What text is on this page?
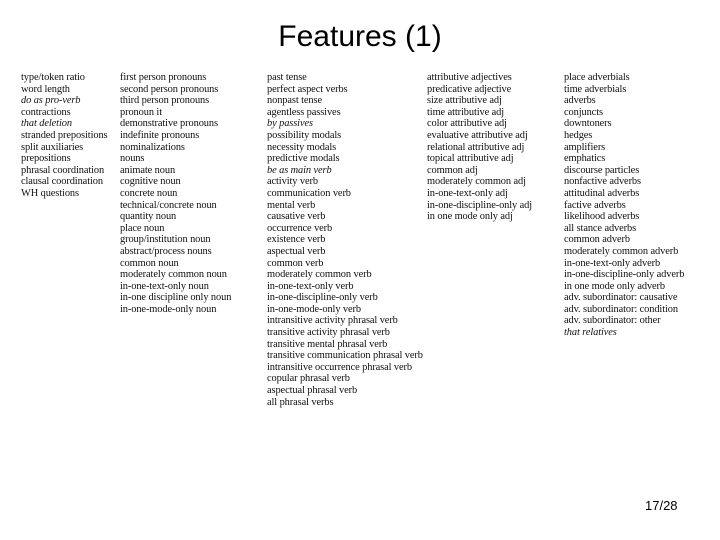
Features (1)
type/token ratio
word length
do as pro-verb
contractions
that deletion
stranded prepositions
split auxiliaries
prepositions
phrasal coordination
clausal coordination
WH questions
first person pronouns
second person pronouns
third person pronouns
pronoun it
demonstrative pronouns
indefinite pronouns
nominalizations
nouns
animate noun
cognitive noun
concrete noun
technical/concrete noun
quantity noun
place noun
group/institution noun
abstract/process nouns
common noun
moderately common noun
in-one-text-only noun
in-one discipline only noun
in-one-mode-only noun
past tense
perfect aspect verbs
nonpast tense
agentless passives
by passives
possibility modals
necessity modals
predictive modals
be as main verb
activity verb
communication verb
mental verb
causative verb
occurrence verb
existence verb
aspectual verb
common verb
moderately common verb
in-one-text-only verb
in-one-discipline-only verb
in-one-mode-only verb
intransitive activity phrasal verb
transitive activity phrasal verb
transitive mental phrasal verb
transitive communication phrasal verb
intransitive occurrence phrasal verb
copular phrasal verb
aspectual phrasal verb
all phrasal verbs
attributive adjectives
predicative adjective
size attributive adj
time attributive adj
color attributive adj
evaluative attributive adj
relational attributive adj
topical attributive adj
common adj
moderately common adj
in-one-text-only adj
in-one-discipline-only adj
in one mode only adj
place adverbials
time adverbials
adverbs
conjuncts
downtoners
hedges
amplifiers
emphatics
discourse particles
nonfactive adverbs
attitudinal adverbs
factive adverbs
likelihood adverbs
all stance adverbs
common adverb
moderately common adverb
in-one-text-only adverb
in-one-discipline-only adverb
in one mode only adverb
adv. subordinator: causative
adv. subordinator: condition
adv. subordinator: other
that relatives
17/28
